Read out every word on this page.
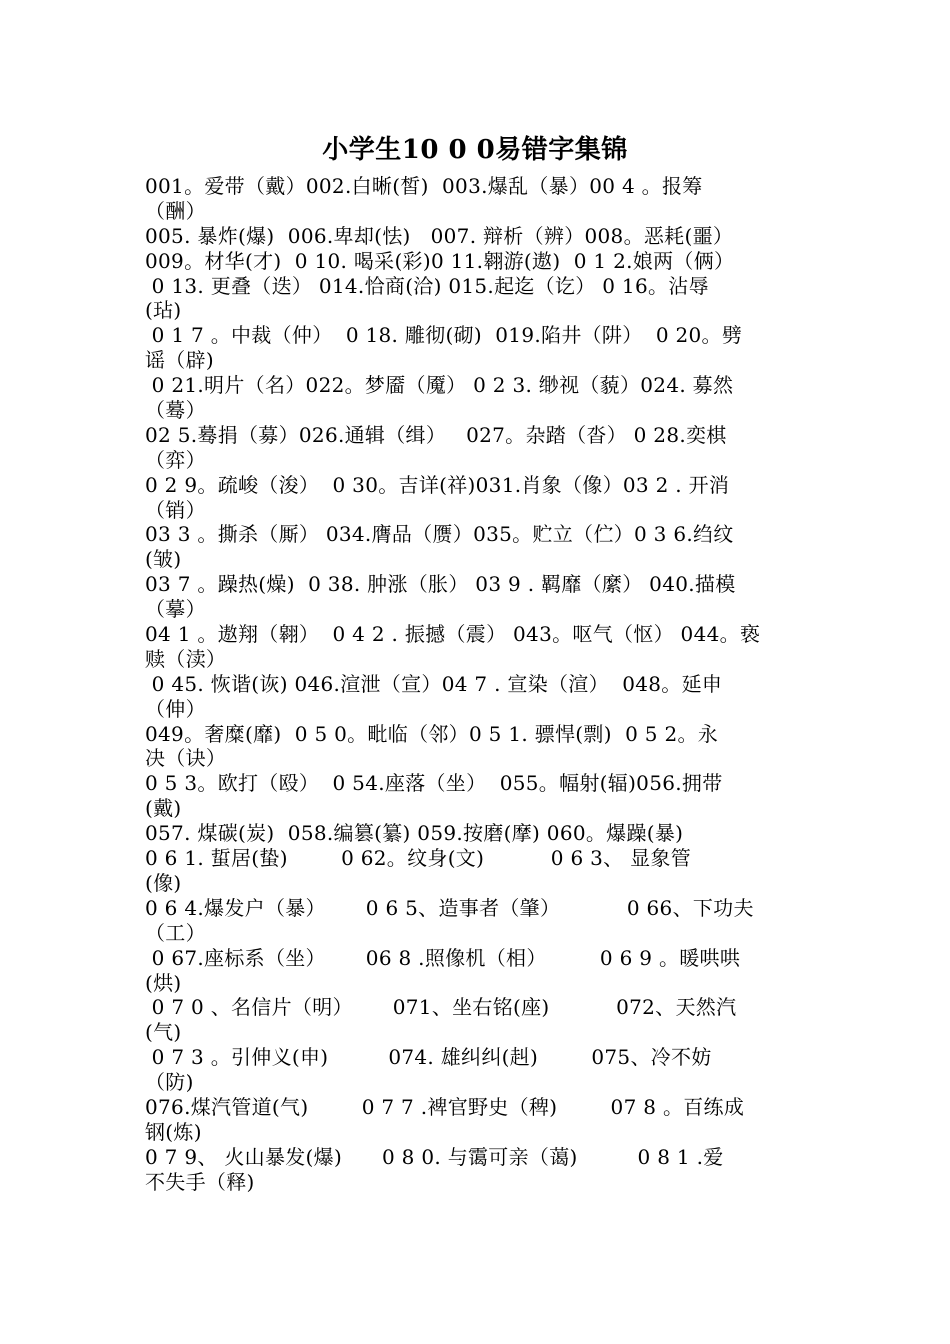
小学生10 0 0易错字集锦
001。爱带（戴）002.白晰(皙)  003.爆乱（暴）00 4 。报筹
（酬）
005. 暴炸(爆)  006.卑却(怯)   007. 辩析（辨）008。恶耗(噩）
009。材华(才)  0 10. 喝采(彩)0 11.翱游(遨)  0 1 2.娘两（俩）
0 13. 更叠（迭） 014.恰商(洽) 015.起迄（讫） 0 16。沾辱
(玷)
0 1 7 。中裁（仲）  0 18. 雕彻(砌)  019.陷井（阱）  0 20。劈
谣（辟)
0 21.明片（名）022。梦靥（魇） 0 2 3. 缈视（藐）024. 募然
（蓦）
02 5.蓦捐（募）026.通辑（缉）   027。杂踏（沓） 0 28.奕棋
（弈）
0 2 9。疏峻（浚）  0 30。吉详(祥)031.肖象（像）03 2 . 开消
（销）
03 3 。撕杀（厮） 034.膺品（赝）035。贮立（伫）0 3 6.绉纹
(皱)
03 7 。躁热(燥)  0 38. 肿涨（胀） 03 9 . 羁靡（縻） 040.描模
（摹）
04 1 。遨翔（翱）  0 4 2 . 振撼（震） 043。呕气（怄） 044。亵
赎（渎）
0 45. 恢谐(诙) 046.渲泄（宣）04 7 . 宣染（渲）  048。延申
（伸）
049。奢糜(靡)  0 5 0。毗临（邻）0 5 1. 骠悍(剽)  0 5 2。永
决（诀）
0 5 3。欧打（殴）  0 54.座落（坐）  055。幅射(辐)056.拥带
(戴)
057. 煤碳(炭)  058.编篡(纂) 059.按磨(摩) 060。爆躁(暴)
0 6 1. 蜇居(蛰)        0 62。纹身(文)          0 6 3、 显象管
(像)
0 6 4.爆发户（暴）      0 6 5、造事者（肇）          0 66、下功夫
（工）
0 67.座标系（坐）      06 8 .照像机（相）        0 6 9 。暖哄哄
(烘)
0 7 0 、名信片（明）      071、坐右铭(座)          072、天然汽
(气)
0 7 3 。引伸义(申)         074. 雄纠纠(赳)        075、冷不妨
（防)
076.煤汽管道(气)        0 7 7 .裨官野史（稗)        07 8 。百练成
钢(炼)
0 7 9、 火山暴发(爆)      0 8 0. 与霭可亲（蔼)         0 8 1 .爱
不失手（释)
